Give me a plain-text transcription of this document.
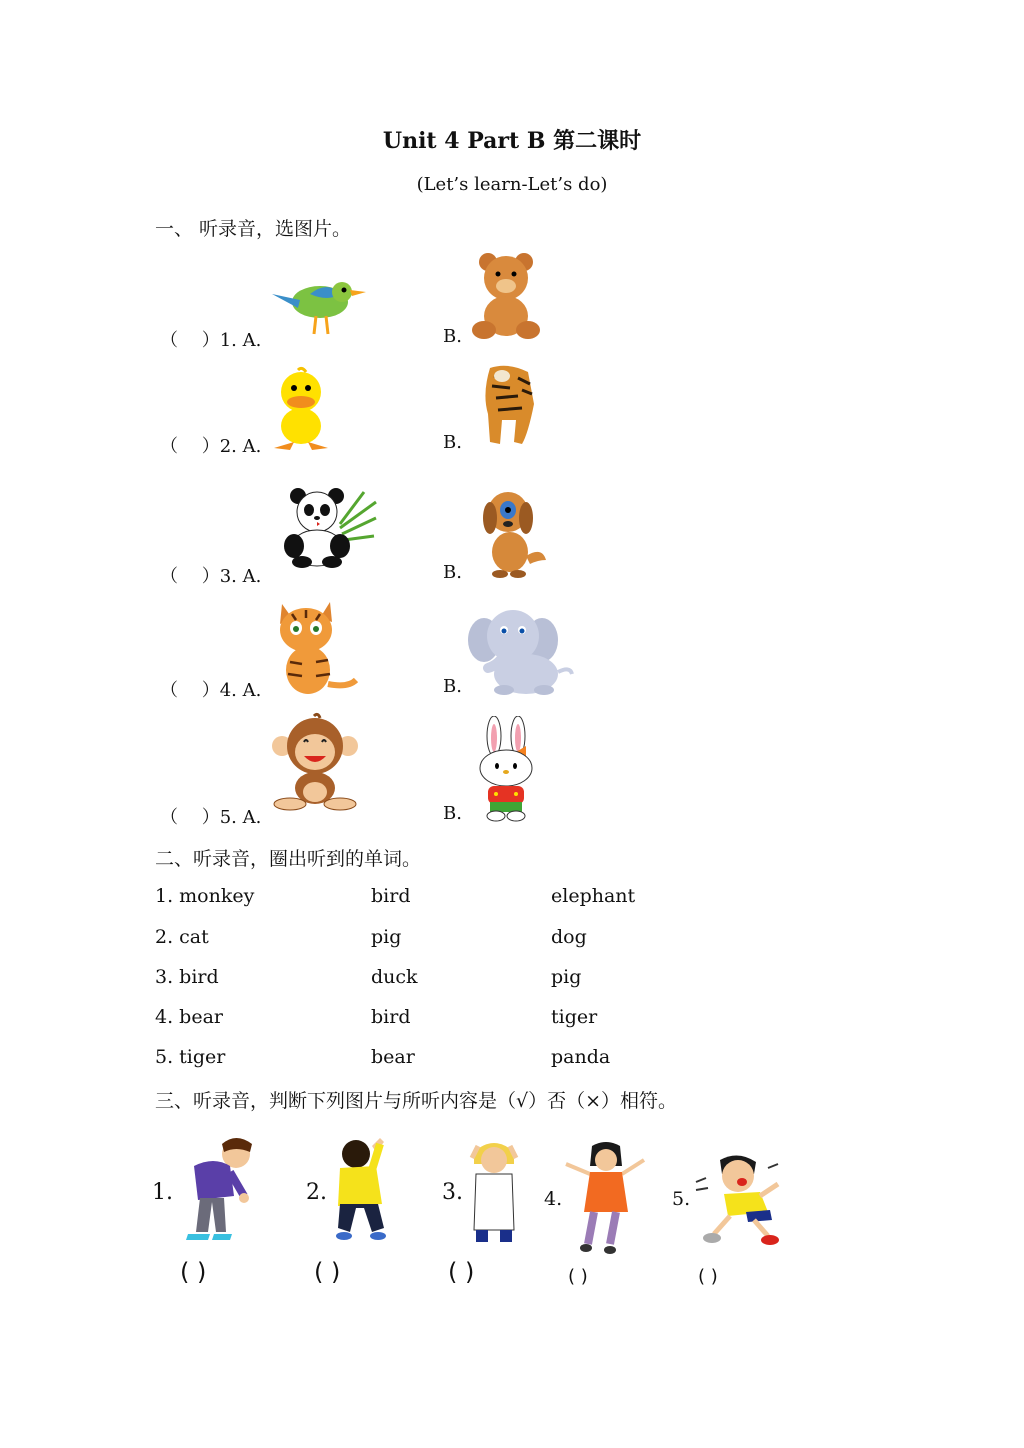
Unit 4 Part B 第二课时
(Let’s learn-Let’s do)
一、 听录音，选图片。
（　 ）1. A.	B.
（　 ）2. A.	B.
（　 ）3. A.	B.
（　 ）4. A.	B.
（　 ）5. A.	B.
二、听录音，圈出听到的单词。
1. monkey	bird	elephant
2. cat	pig	dog
3. bird	duck	pig
4. bear	bird	tiger
5. tiger	bear	panda
三、听录音，判断下列图片与所听内容是（√）否（×）相符。
1.
( )
2.
( )
3.
( )
4.
( )
5.
( )
